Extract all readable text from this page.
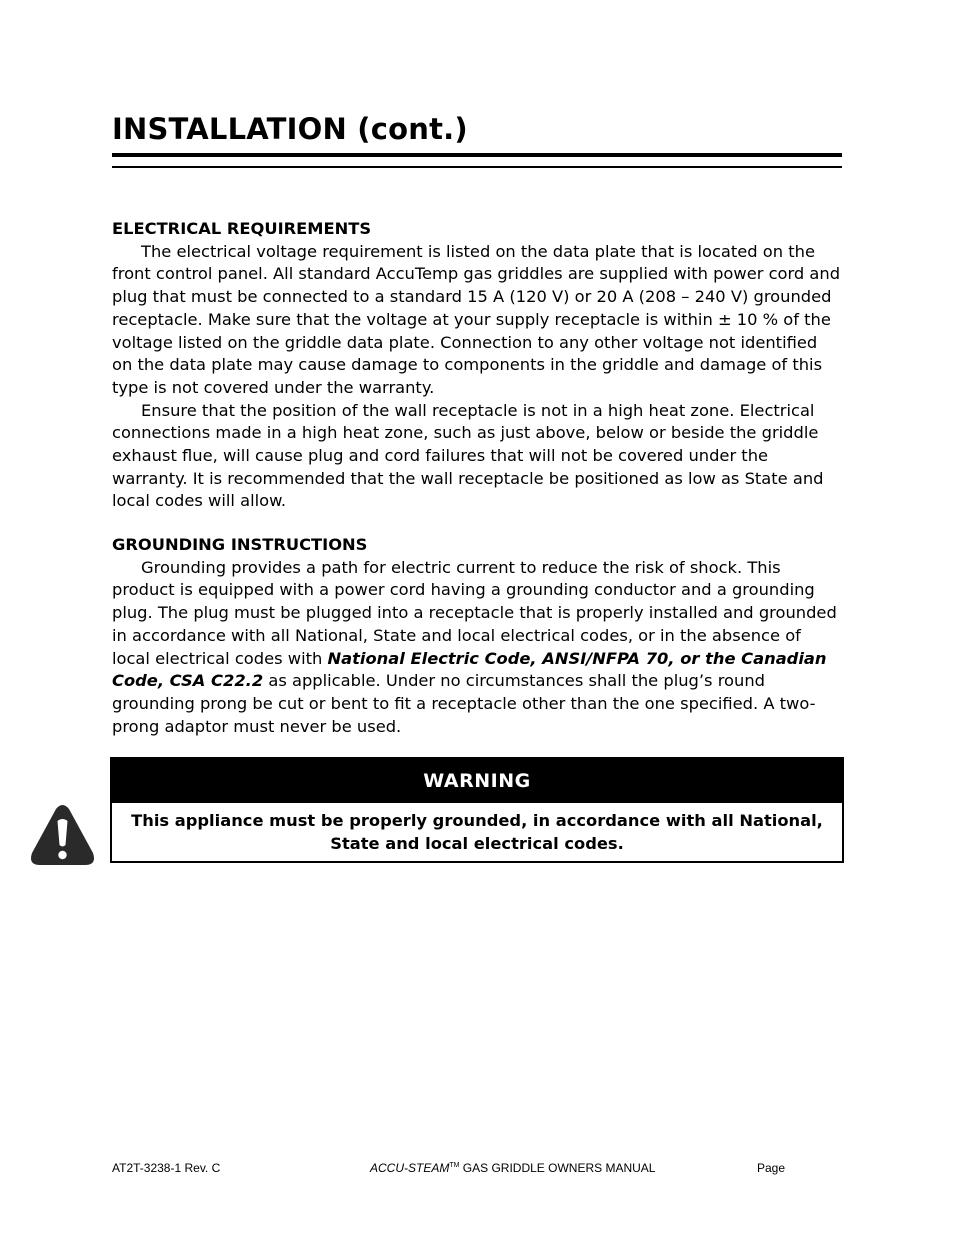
INSTALLATION (cont.)
ELECTRICAL REQUIREMENTS

The electrical voltage requirement is listed on the data plate that is located on the front control panel. All standard AccuTemp gas griddles are supplied with power cord and plug that must be connected to a standard 15 A (120 V) or 20 A (208 – 240 V) grounded receptacle. Make sure that the voltage at your supply receptacle is within ± 10 % of the voltage listed on the griddle data plate. Connection to any other voltage not identified on the data plate may cause damage to components in the griddle and damage of this type is not covered under the warranty.

Ensure that the position of the wall receptacle is not in a high heat zone. Electrical connections made in a high heat zone, such as just above, below or beside the griddle exhaust flue, will cause plug and cord failures that will not be covered under the warranty. It is recommended that the wall receptacle be positioned as low as State and local codes will allow.

GROUNDING INSTRUCTIONS

Grounding provides a path for electric current to reduce the risk of shock. This product is equipped with a power cord having a grounding conductor and a grounding plug. The plug must be plugged into a receptacle that is properly installed and grounded in accordance with all National, State and local electrical codes, or in the absence of local electrical codes with National Electric Code, ANSI/NFPA 70, or the Canadian Code, CSA C22.2 as applicable. Under no circumstances shall the plug’s round grounding prong be cut or bent to fit a receptacle other than the one specified. A two-prong adaptor must never be used.

WARNING
This appliance must be properly grounded, in accordance with all National, State and local electrical codes.
AT2T-3238-1 Rev. C	ACCU-STEAM™ GAS GRIDDLE OWNERS MANUAL	Page
